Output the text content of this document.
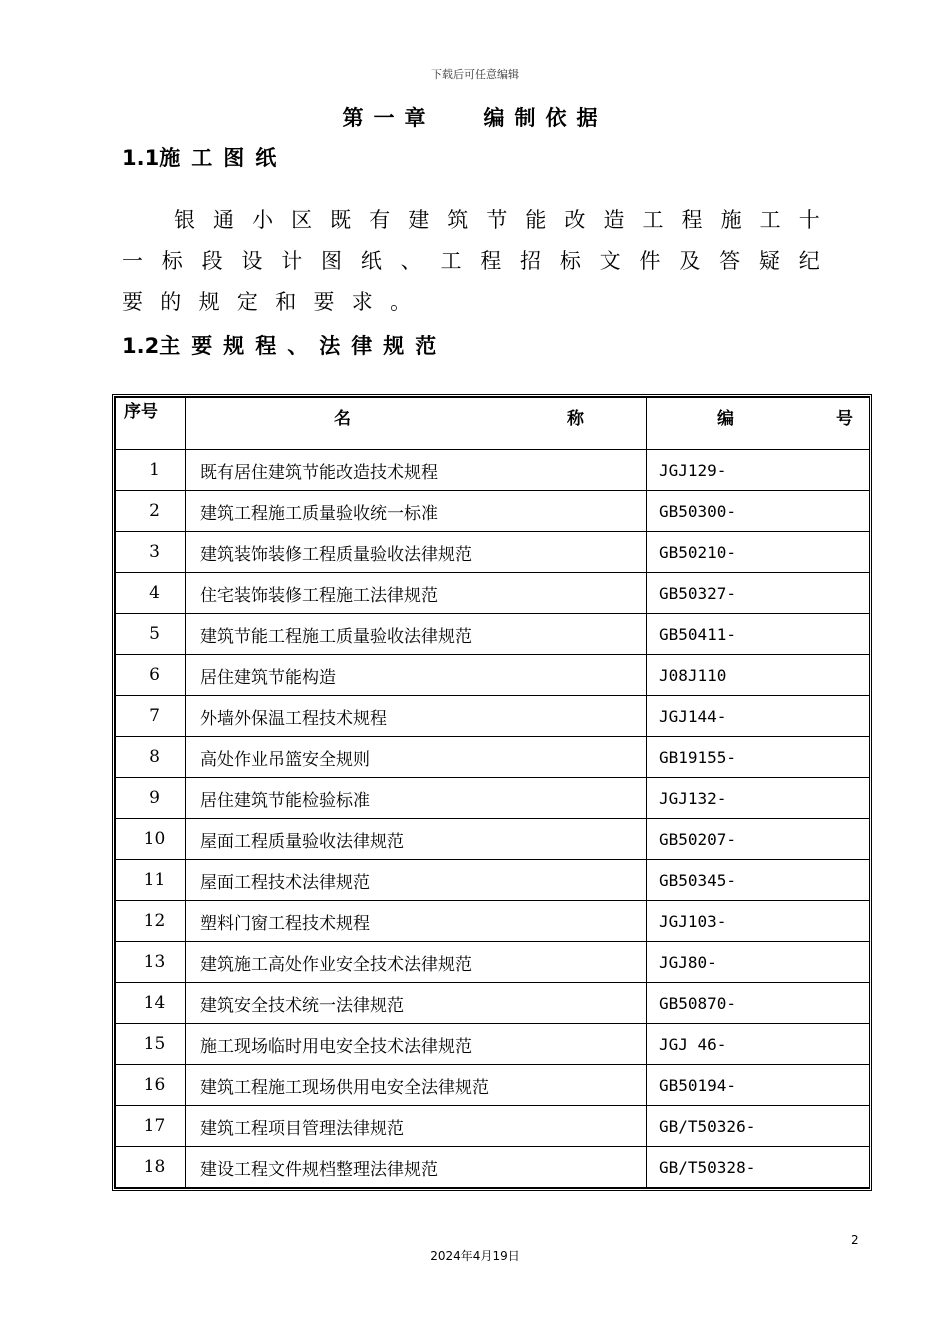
下载后可任意编辑
第一章 编制依据
1.1施工图纸
银通小区既有建筑节能改造工程施工十一标段设计图纸、工程招标文件及答疑纪要的规定和要求。
1.2主要规程、法律规范
序号	名称	编号
1	既有居住建筑节能改造技术规程	JGJ129-
2	建筑工程施工质量验收统一标准	GB50300-
3	建筑装饰装修工程质量验收法律规范	GB50210-
4	住宅装饰装修工程施工法律规范	GB50327-
5	建筑节能工程施工质量验收法律规范	GB50411-
6	居住建筑节能构造	J08J110
7	外墙外保温工程技术规程	JGJ144-
8	高处作业吊篮安全规则	GB19155-
9	居住建筑节能检验标准	JGJ132-
10	屋面工程质量验收法律规范	GB50207-
11	屋面工程技术法律规范	GB50345-
12	塑料门窗工程技术规程	JGJ103-
13	建筑施工高处作业安全技术法律规范	JGJ80-
14	建筑安全技术统一法律规范	GB50870-
15	施工现场临时用电安全技术法律规范	JGJ 46-
16	建筑工程施工现场供用电安全法律规范	GB50194-
17	建筑工程项目管理法律规范	GB/T50326-
18	建设工程文件规档整理法律规范	GB/T50328-
2
2024年4月19日
